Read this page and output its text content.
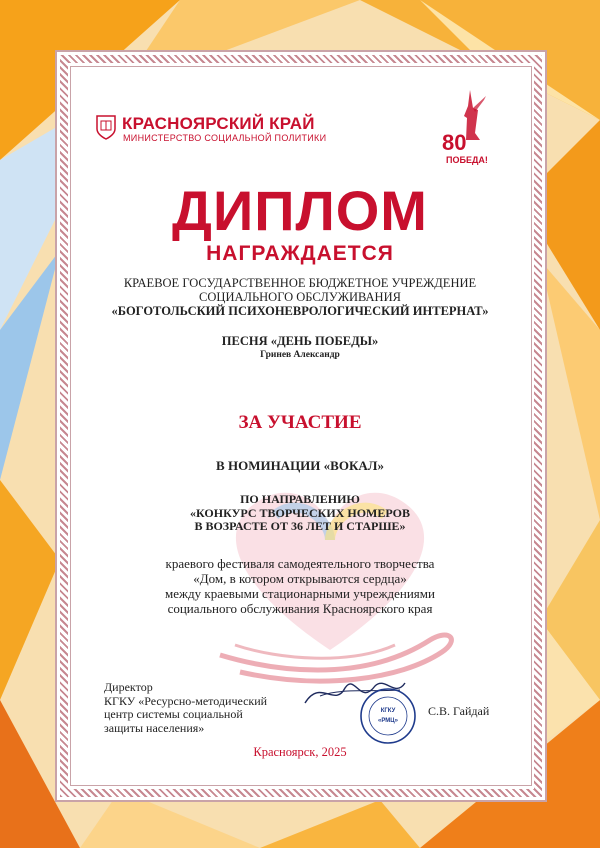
КРАСНОЯРСКИЙ КРАЙ
МИНИСТЕРСТВО СОЦИАЛЬНОЙ ПОЛИТИКИ	80
ПОБЕДА!
ДИПЛОМ
НАГРАЖДАЕТСЯ
КРАЕВОЕ ГОСУДАРСТВЕННОЕ БЮДЖЕТНОЕ УЧРЕЖДЕНИЕ
СОЦИАЛЬНОГО ОБСЛУЖИВАНИЯ
«БОГОТОЛЬСКИЙ ПСИХОНЕВРОЛОГИЧЕСКИЙ ИНТЕРНАТ»
ПЕСНЯ «ДЕНЬ ПОБЕДЫ»
Гринев Александр
ЗА УЧАСТИЕ
В НОМИНАЦИИ «ВОКАЛ»
ПО НАПРАВЛЕНИЮ
«КОНКУРС ТВОРЧЕСКИХ НОМЕРОВ
В ВОЗРАСТЕ ОТ 36 ЛЕТ И СТАРШЕ»
краевого фестиваля самодеятельного творчества
«Дом, в котором открываются сердца»
между краевыми стационарными учреждениями
социального обслуживания Красноярского края
Директор
КГКУ «Ресурсно-методический
центр системы социальной
защиты населения»
КГКУ
«РМЦ»
С.В. Гайдай
Красноярск, 2025
